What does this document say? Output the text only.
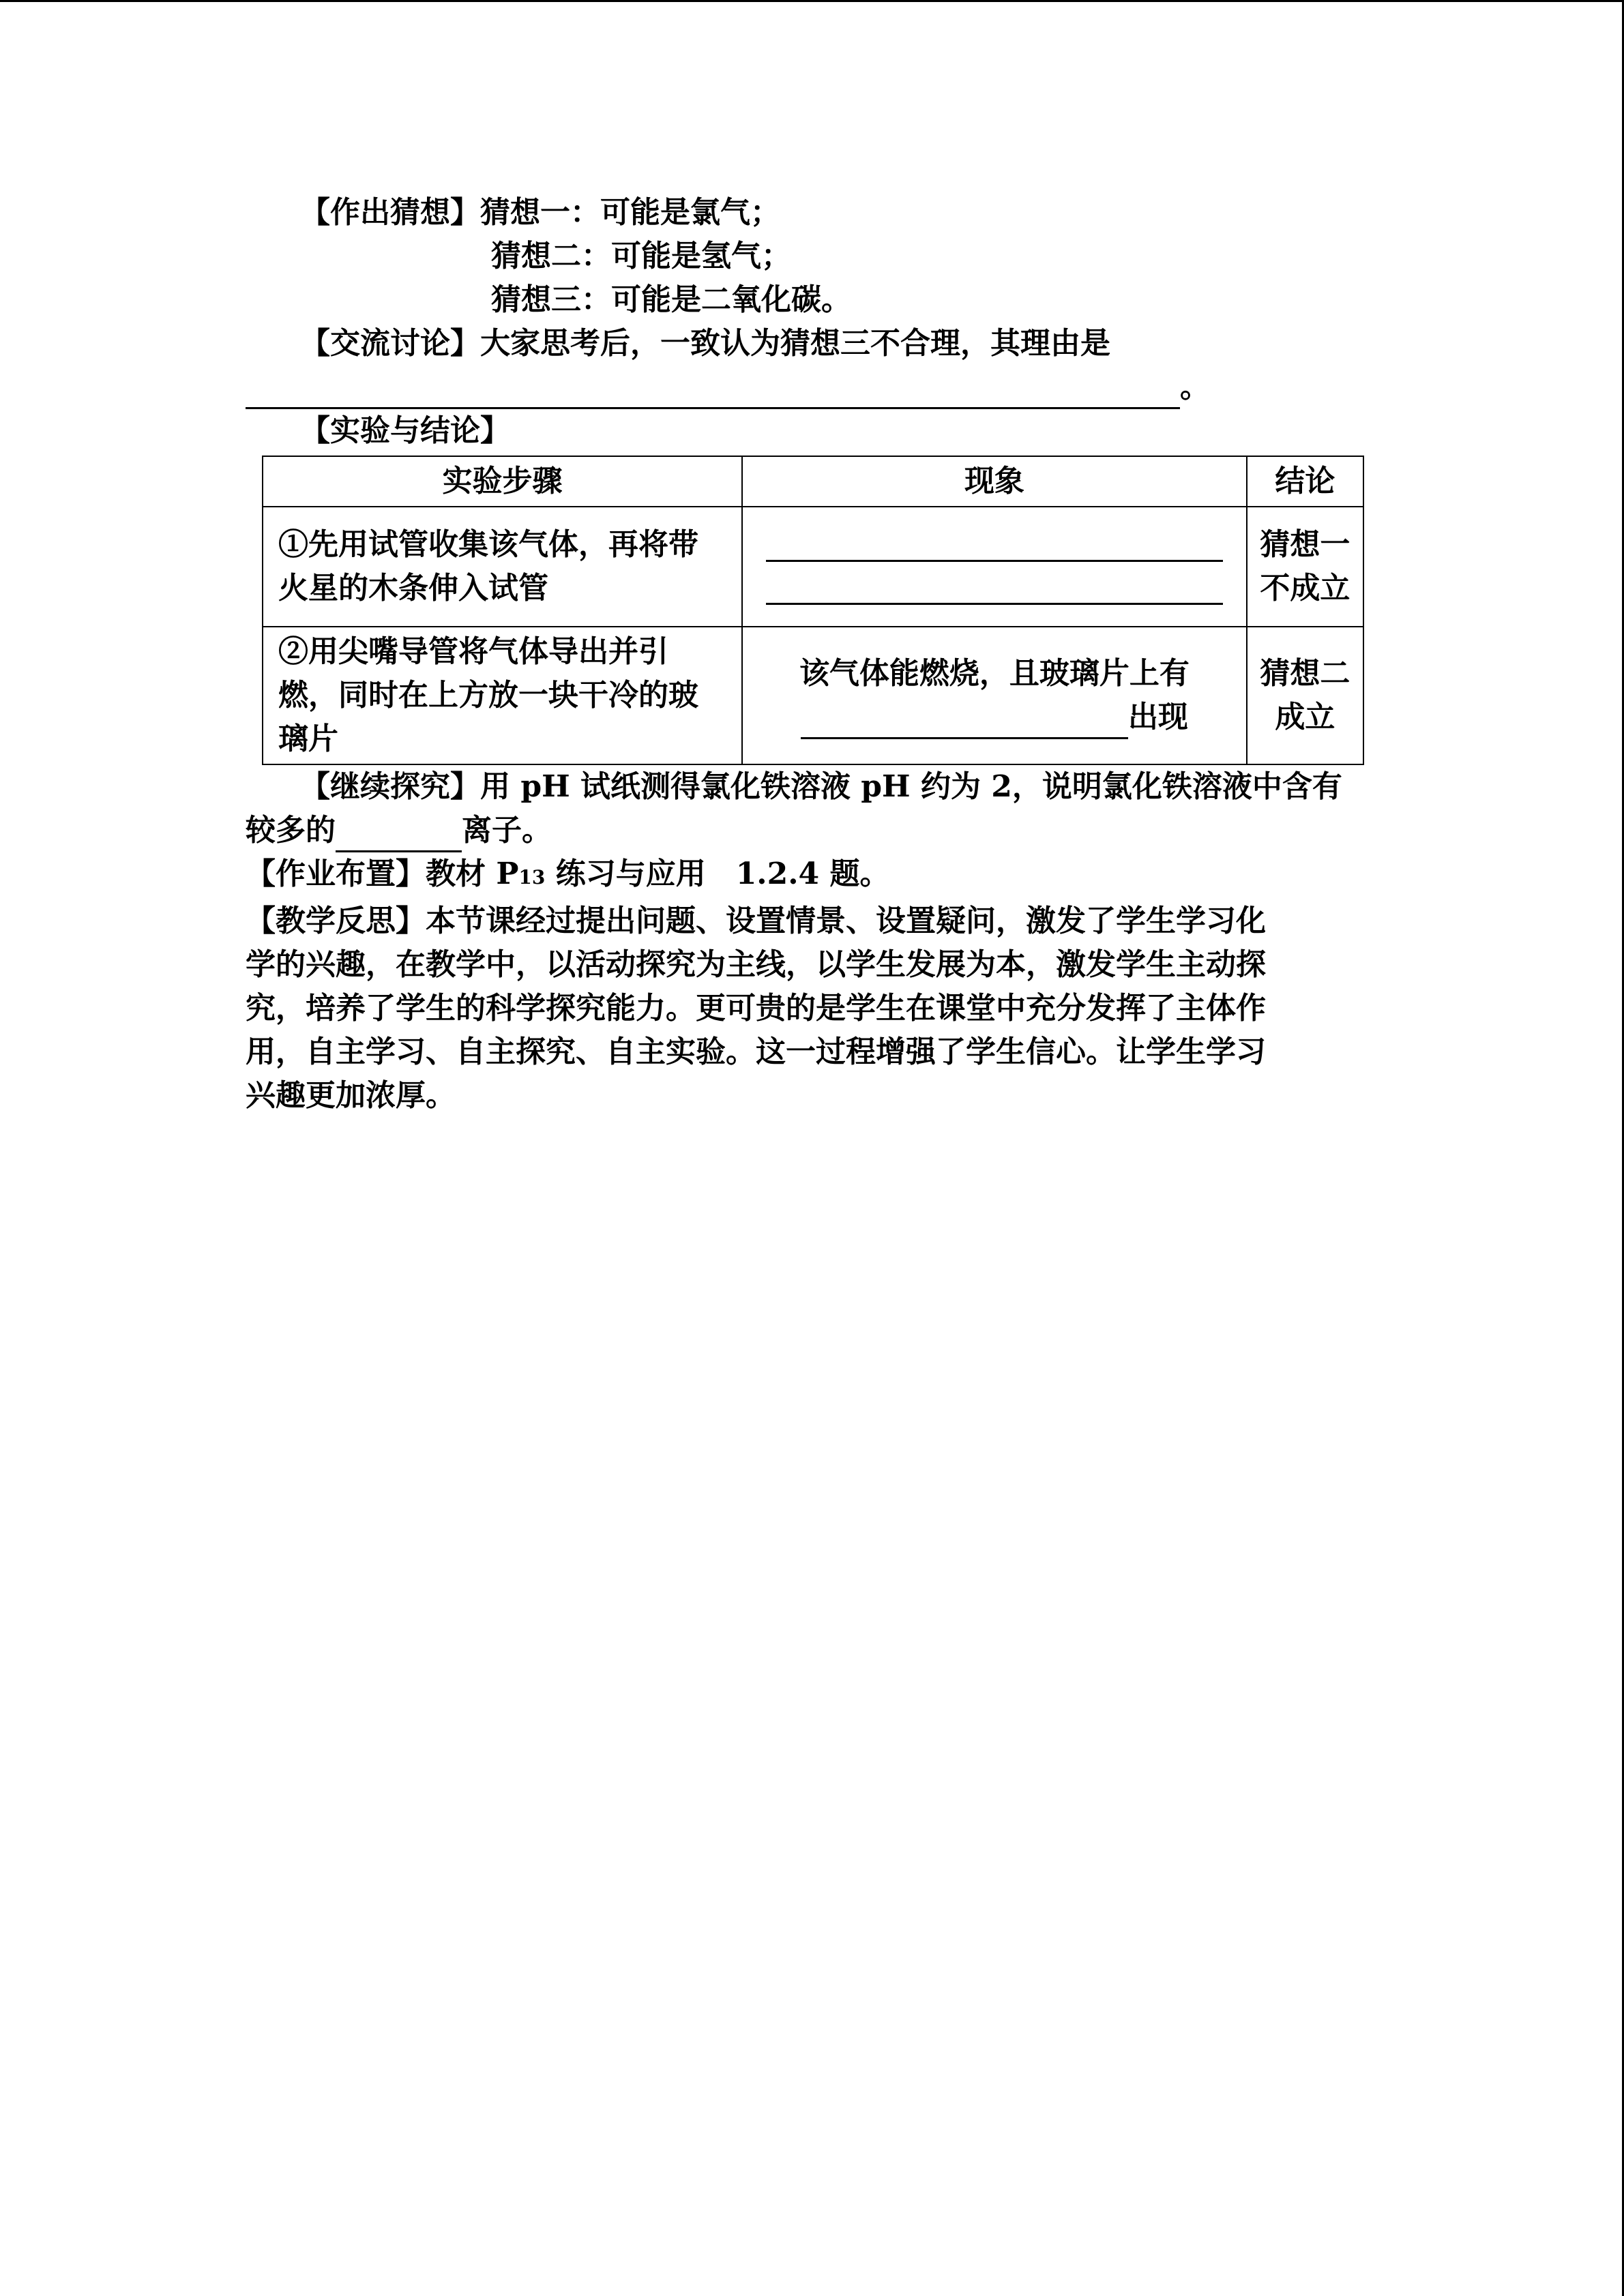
【作出猜想】猜想一：可能是氯气；
猜想二：可能是氢气；
猜想三：可能是二氧化碳。
【交流讨论】大家思考后，一致认为猜想三不合理，其理由是
。
【实验与结论】
实验步骤	现象	结论
①先用试管收集该气体，再将带火星的木条伸入试管		猜想一不成立
②用尖嘴导管将气体导出并引燃，同时在上方放一块干冷的玻璃片	该气体能燃烧，且玻璃片上有
出现	猜想二成立
【继续探究】用 pH 试纸测得氯化铁溶液 pH 约为 2，说明氯化铁溶液中含有
较多的	离子。
【作业布置】教材 P13 练习与应用　1.2.4 题。
【教学反思】本节课经过提出问题、设置情景、设置疑问，激发了学生学习化
学的兴趣，在教学中，以活动探究为主线，以学生发展为本，激发学生主动探
究，培养了学生的科学探究能力。更可贵的是学生在课堂中充分发挥了主体作
用，自主学习、自主探究、自主实验。这一过程增强了学生信心。让学生学习
兴趣更加浓厚。
